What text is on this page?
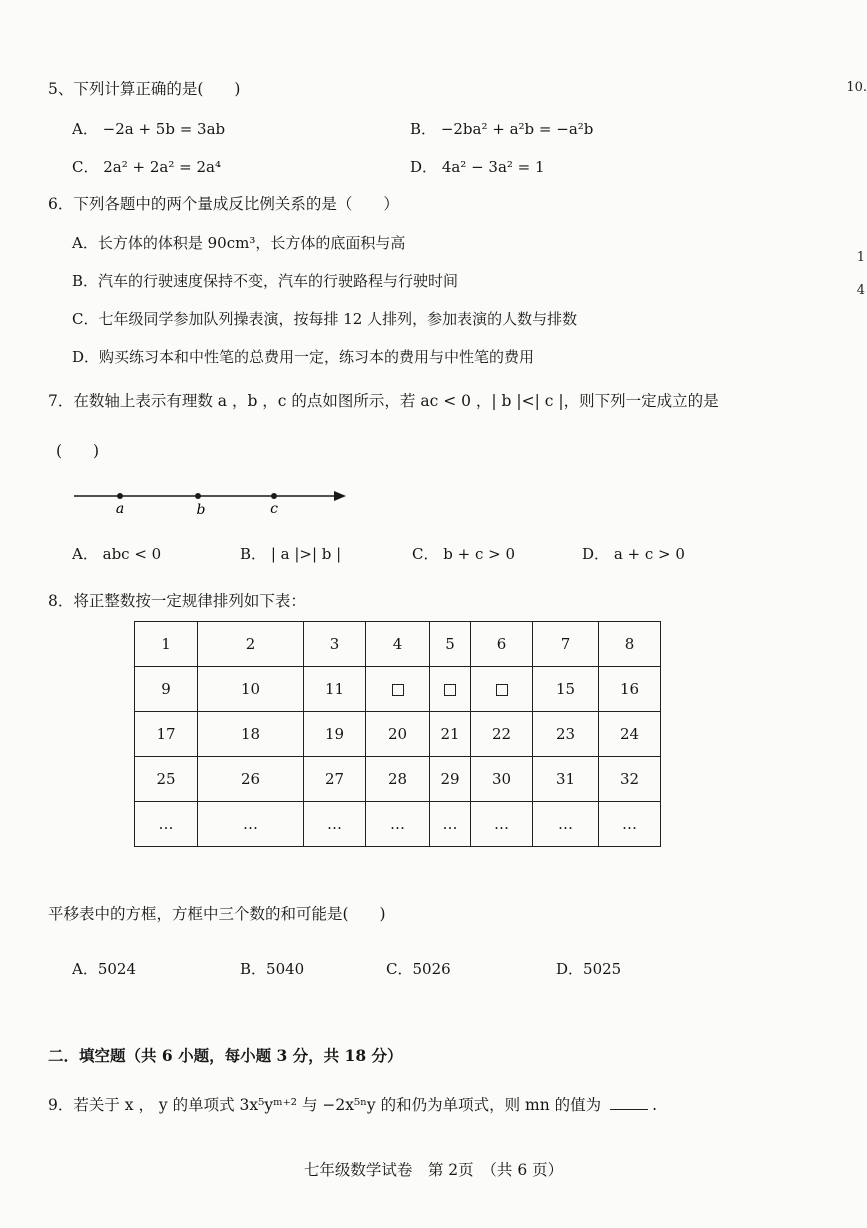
10.
1
4
5、下列计算正确的是(　　)
A． −2a + 5b = 3ab	B． −2ba² + a²b = −a²b
C． 2a² + 2a² = 2a⁴	D． 4a² − 3a² = 1
6．下列各题中的两个量成反比例关系的是（　　）
A．长方体的体积是 90cm³，长方体的底面积与高
B．汽车的行驶速度保持不变，汽车的行驶路程与行驶时间
C．七年级同学参加队列操表演，按每排 12 人排列，参加表演的人数与排数
D．购买练习本和中性笔的总费用一定，练习本的费用与中性笔的费用
7．在数轴上表示有理数 a ，b ，c 的点如图所示，若 ac < 0 ，| b |<| c |，则下列一定成立的是
(　　)
a	b	c
A． abc < 0	B． | a |>| b |	C． b + c > 0	D． a + c > 0
8．将正整数按一定规律排列如下表：
1	2	3	4	5	6	7	8
9	10	11				15	16
17	18	19	20	21	22	23	24
25	26	27	28	29	30	31	32
…	…	…	…	…	…	…	…
平移表中的方框，方框中三个数的和可能是(　　)
A．5024	B．5040	C．5026	D．5025
二．填空题（共 6 小题，每小题 3 分，共 18 分）
9．若关于 x ， y 的单项式 3x⁵yᵐ⁺² 与 −2x⁵ⁿy 的和仍为单项式，则 mn 的值为	.
七年级数学试卷　第 2页　（共 6 页）
